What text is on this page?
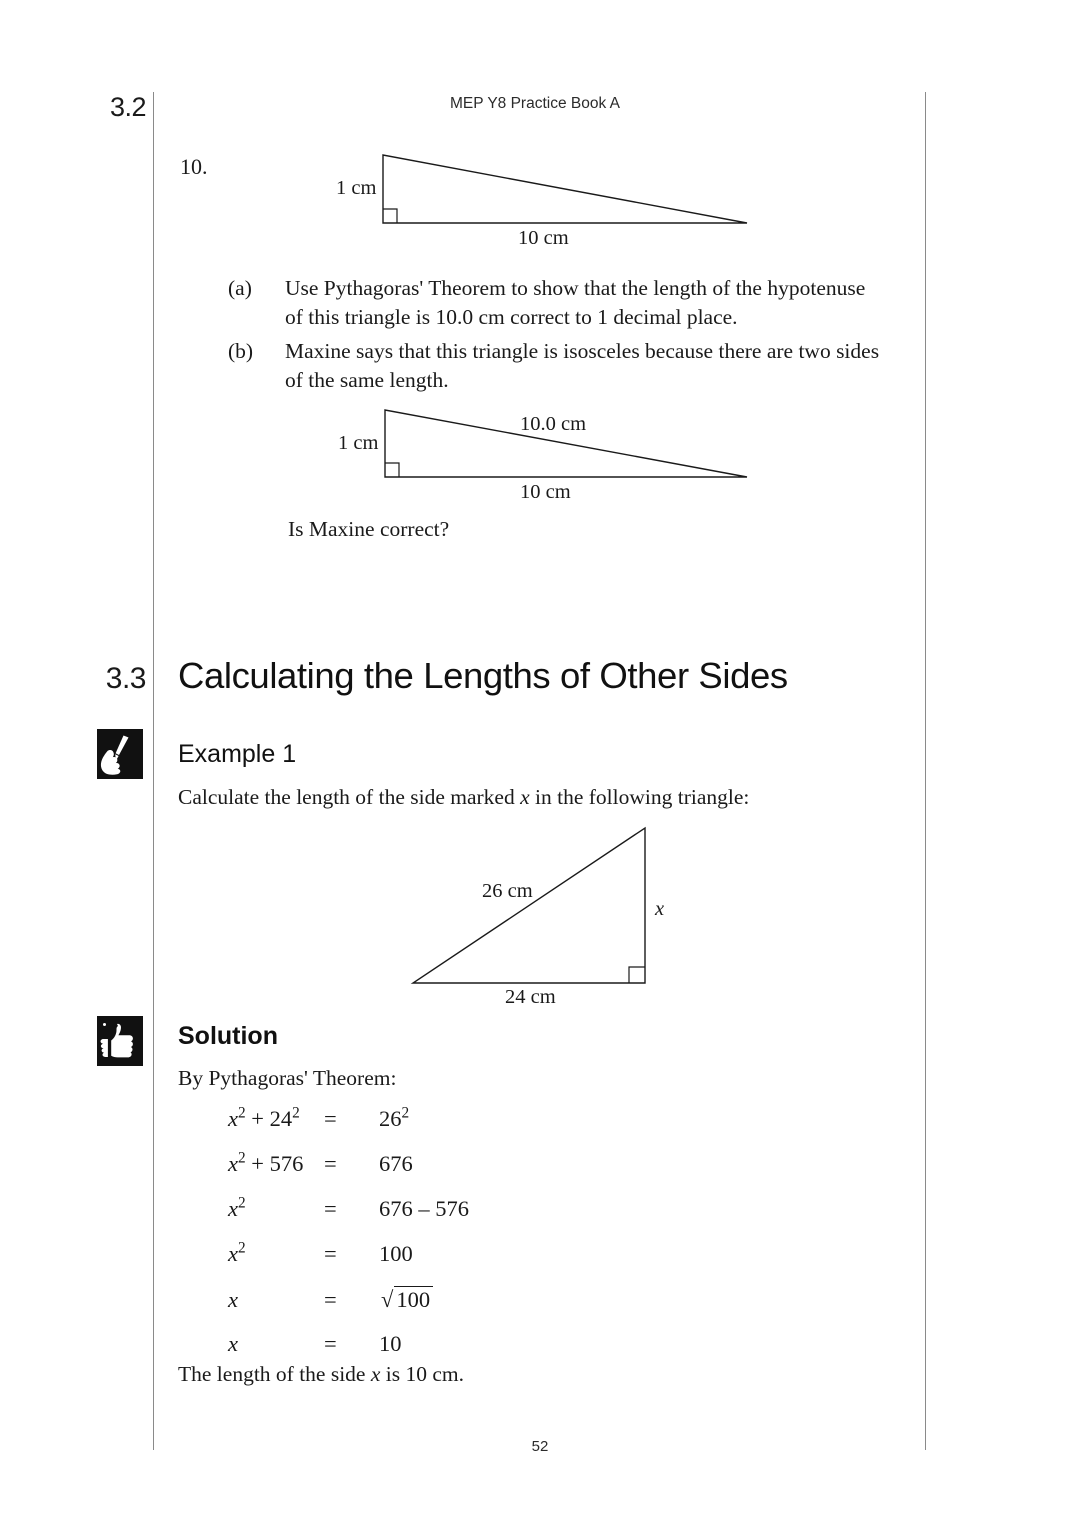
3.2	MEP Y8 Practice Book A
10.
1 cm
10 cm
(a)	Use Pythagoras' Theorem to show that the length of the hypotenuse of this triangle is 10.0 cm correct to 1 decimal place.
(b)	Maxine says that this triangle is isosceles because there are two sides of the same length.
1 cm
10.0 cm
10 cm
Is Maxine correct?
3.3 Calculating the Lengths of Other Sides
Example 1
Calculate the length of the side marked x in the following triangle:
26 cm
x
24 cm
Solution
By Pythagoras' Theorem:
$x^2 + 24^2$	=	$26^2$
$x^2 + 576$ =	676
$x^2$	=	676 – 576
$x^2$	=	100
x	=	√ 100
x	=	10
The length of the side x is 10 cm.
52
